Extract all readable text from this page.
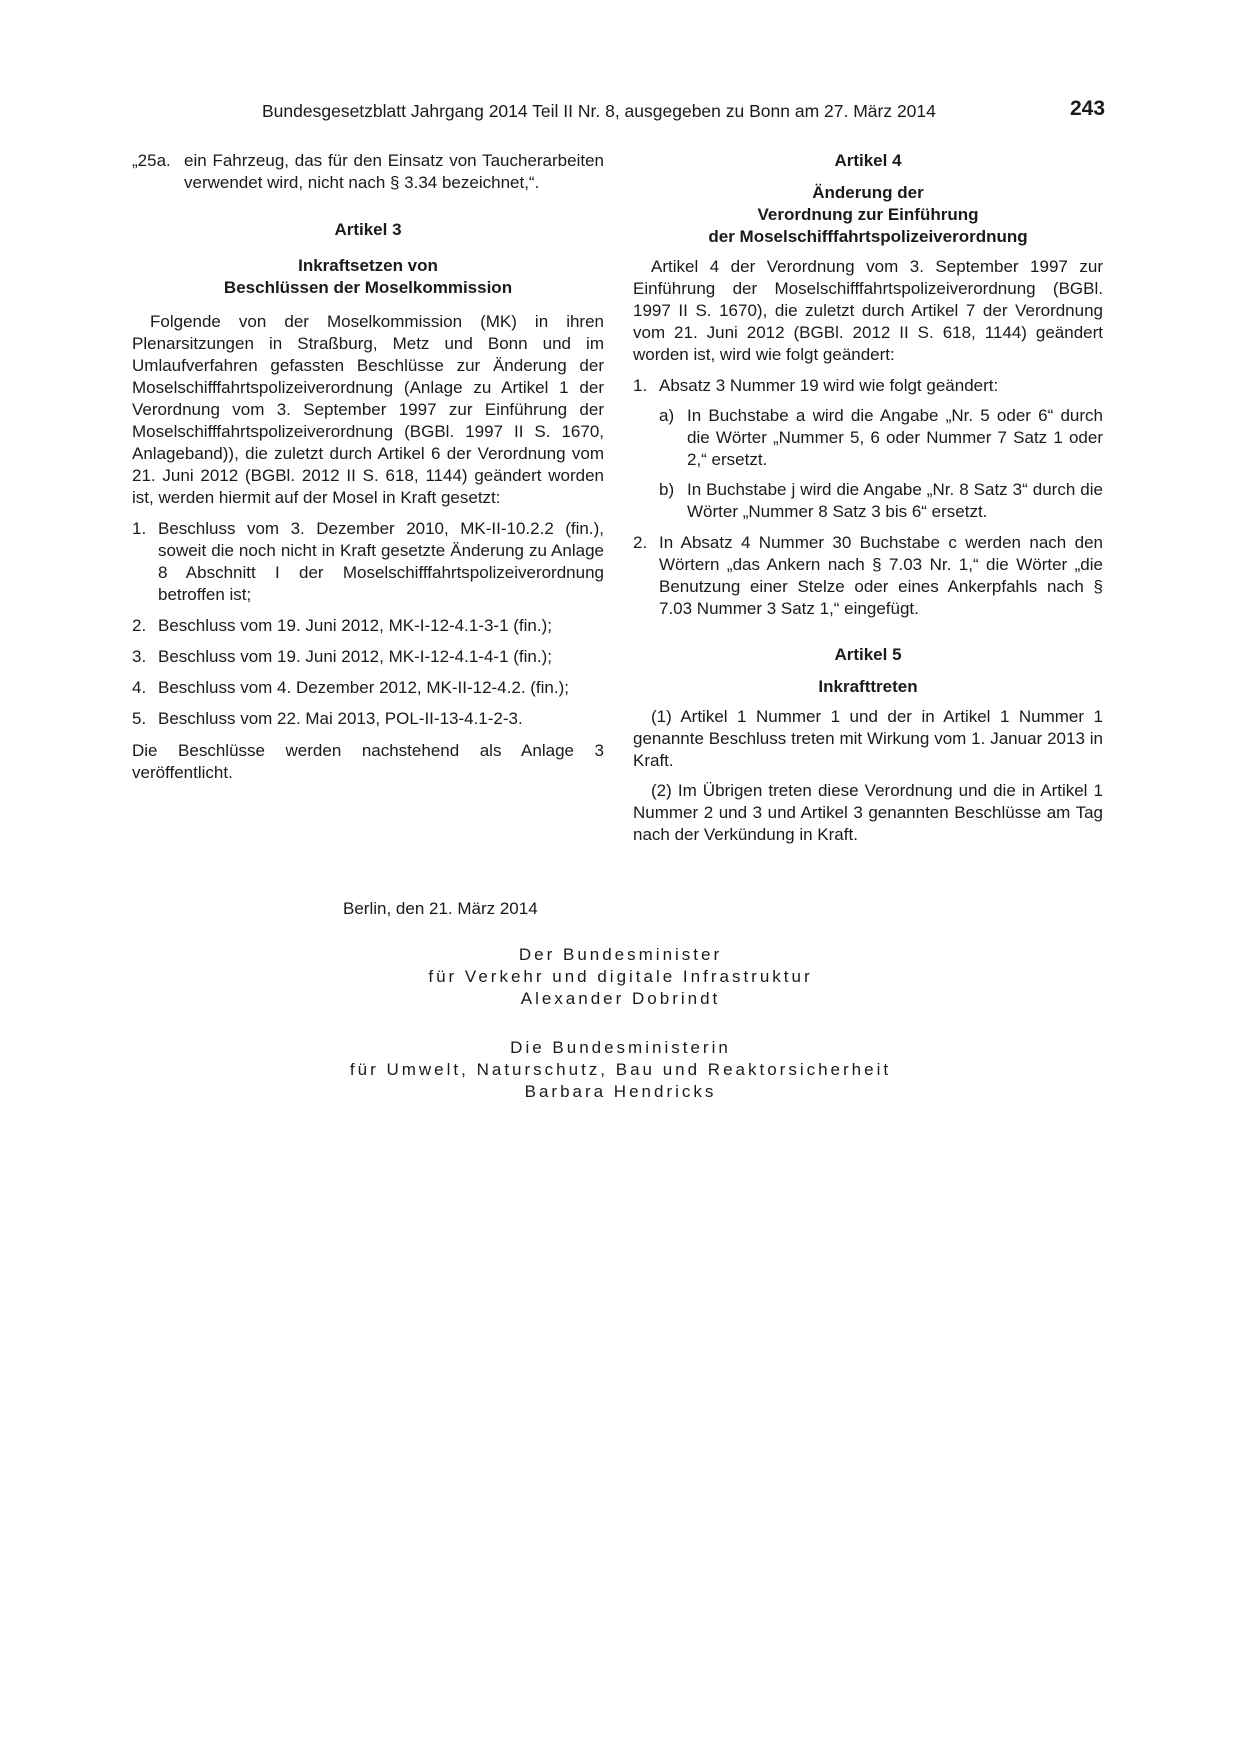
Bundesgesetzblatt Jahrgang 2014 Teil II Nr. 8, ausgegeben zu Bonn am 27. März 2014	243
„25a. ein Fahrzeug, das für den Einsatz von Taucherarbeiten verwendet wird, nicht nach § 3.34 bezeichnet,“.

Artikel 3

Inkraftsetzen von

Beschlüssen der Moselkommission

Folgende von der Moselkommission (MK) in ihren Plenarsitzungen in Straßburg, Metz und Bonn und im Umlaufverfahren gefassten Beschlüsse zur Änderung der Moselschifffahrtspolizeiverordnung (Anlage zu Artikel 1 der Verordnung vom 3. September 1997 zur Einführung der Moselschifffahrtspolizeiverordnung (BGBl. 1997 II S. 1670, Anlageband)), die zuletzt durch Artikel 6 der Verordnung vom 21. Juni 2012 (BGBl. 2012 II S. 618, 1144) geändert worden ist, werden hiermit auf der Mosel in Kraft gesetzt:

1. Beschluss vom 3. Dezember 2010, MK-II-10.2.2 (fin.), soweit die noch nicht in Kraft gesetzte Änderung zu Anlage 8 Abschnitt I der Moselschifffahrtspolizeiverordnung betroffen ist;
2. Beschluss vom 19. Juni 2012, MK-I-12-4.1-3-1 (fin.);
3. Beschluss vom 19. Juni 2012, MK-I-12-4.1-4-1 (fin.);
4. Beschluss vom 4. Dezember 2012, MK-II-12-4.2. (fin.);
5. Beschluss vom 22. Mai 2013, POL-II-13-4.1-2-3.

Die Beschlüsse werden nachstehend als Anlage 3 veröffentlicht.

Artikel 4

Änderung der

Verordnung zur Einführung

der Moselschifffahrtspolizeiverordnung

Artikel 4 der Verordnung vom 3. September 1997 zur Einführung der Moselschifffahrtspolizeiverordnung (BGBl. 1997 II S. 1670), die zuletzt durch Artikel 7 der Verordnung vom 21. Juni 2012 (BGBl. 2012 II S. 618, 1144) geändert worden ist, wird wie folgt geändert:

1. Absatz 3 Nummer 19 wird wie folgt geändert:
a) In Buchstabe a wird die Angabe „Nr. 5 oder 6“ durch die Wörter „Nummer 5, 6 oder Nummer 7 Satz 1 oder 2,“ ersetzt.
b) In Buchstabe j wird die Angabe „Nr. 8 Satz 3“ durch die Wörter „Nummer 8 Satz 3 bis 6“ ersetzt.
2. In Absatz 4 Nummer 30 Buchstabe c werden nach den Wörtern „das Ankern nach § 7.03 Nr. 1,“ die Wörter „die Benutzung einer Stelze oder eines Ankerpfahls nach § 7.03 Nummer 3 Satz 1,“ eingefügt.

Artikel 5

Inkrafttreten

(1) Artikel 1 Nummer 1 und der in Artikel 1 Nummer 1 genannte Beschluss treten mit Wirkung vom 1. Januar 2013 in Kraft.

(2) Im Übrigen treten diese Verordnung und die in Artikel 1 Nummer 2 und 3 und Artikel 3 genannten Beschlüsse am Tag nach der Verkündung in Kraft.

Berlin, den 21. März 2014

Der Bundesminister
für Verkehr und digitale Infrastruktur
Alexander Dobrindt
Die Bundesministerin
für Umwelt, Naturschutz, Bau und Reaktorsicherheit
Barbara Hendricks
